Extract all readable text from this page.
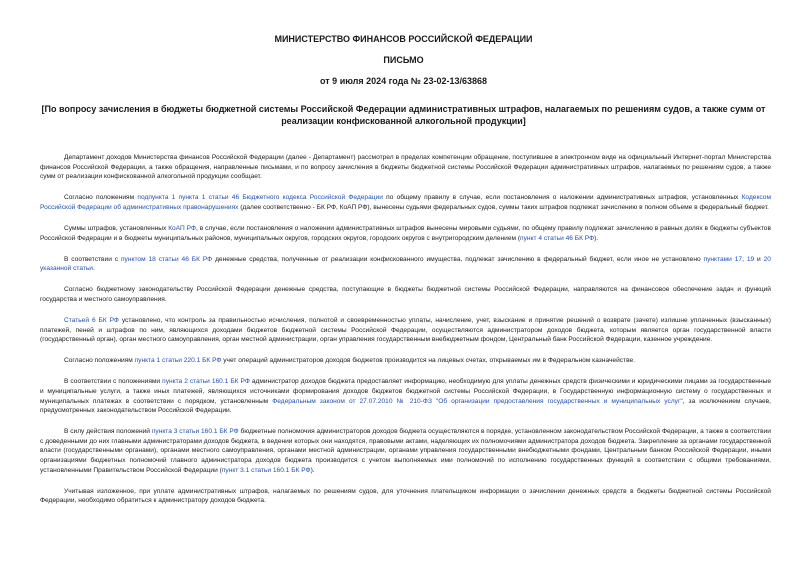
МИНИСТЕРСТВО ФИНАНСОВ РОССИЙСКОЙ ФЕДЕРАЦИИ
ПИСЬМО
от 9 июля 2024 года № 23-02-13/63868
[По вопросу зачисления в бюджеты бюджетной системы Российской Федерации административных штрафов, налагаемых по решениям судов, а также сумм от реализации конфискованной алкогольной продукции]

Департамент доходов Министерства финансов Российской Федерации (далее - Департамент) рассмотрел в пределах компетенции обращение, поступившее в электронном виде на официальный Интернет-портал Министерства финансов Российской Федерации, а также обращения, направленные письмами, и по вопросу зачисления в бюджеты бюджетной системы Российской Федерации административных штрафов, налагаемых по решениям судов, а также сумм от реализации конфискованной алкогольной продукции сообщает.

Согласно положениям подпункта 1 пункта 1 статьи 46 Бюджетного кодекса Российской Федерации по общему правилу в случае, если постановления о наложении административных штрафов, установленных Кодексом Российской Федерации об административных правонарушениях (далее соответственно - БК РФ, КоАП РФ), вынесены судьями федеральных судов, суммы таких штрафов подлежат зачислению в полном объеме в федеральный бюджет.

Суммы штрафов, установленных КоАП РФ, в случае, если постановления о наложении административных штрафов вынесены мировыми судьями, по общему правилу подлежат зачислению в равных долях в бюджеты субъектов Российской Федерации и в бюджеты муниципальных районов, муниципальных округов, городских округов, городских округов с внутригородским делением (пункт 4 статьи 46 БК РФ).

В соответствии с пунктом 18 статьи 46 БК РФ денежные средства, полученные от реализации конфискованного имущества, подлежат зачислению в федеральный бюджет, если иное не установлено пунктами 17, 19 и 20 указанной статьи.

Согласно бюджетному законодательству Российской Федерации денежные средства, поступающие в бюджеты бюджетной системы Российской Федерации, направляются на финансовое обеспечение задач и функций государства и местного самоуправления.

Статьей 6 БК РФ установлено, что контроль за правильностью исчисления, полнотой и своевременностью уплаты, начисление, учет, взыскание и принятие решений о возврате (зачете) излишне уплаченных (взысканных) платежей, пеней и штрафов по ним, являющихся доходами бюджетов бюджетной системы Российской Федерации, осуществляются администратором доходов бюджета, которым является орган государственной власти (государственный орган), орган местного самоуправления, орган местной администрации, орган управления государственным внебюджетным фондом, Центральный банк Российской Федерации, казенное учреждение.

Согласно положениям пункта 1 статьи 220.1 БК РФ учет операций администраторов доходов бюджетов производится на лицевых счетах, открываемых им в Федеральном казначействе.

В соответствии с положениями пункта 2 статьи 160.1 БК РФ администратор доходов бюджета предоставляет информацию, необходимую для уплаты денежных средств физическими и юридическими лицами за государственные и муниципальные услуги, а также иных платежей, являющихся источниками формирования доходов бюджетов бюджетной системы Российской Федерации, в Государственную информационную систему о государственных и муниципальных платежах в соответствии с порядком, установленным Федеральным законом от 27.07.2010 № 210-ФЗ "Об организации предоставления государственных и муниципальных услуг", за исключением случаев, предусмотренных законодательством Российской Федерации.

В силу действия положений пункта 3 статьи 160.1 БК РФ бюджетные полномочия администраторов доходов бюджета осуществляются в порядке, установленном законодательством Российской Федерации, а также в соответствии с доведенными до них главными администраторами доходов бюджета, в ведении которых они находятся, правовыми актами, наделяющих их полномочиями администратора доходов бюджета. Закрепление за органами государственной власти (государственными органами), органами местного самоуправления, органами местной администрации, органами управления государственными внебюджетными фондами, Центральным банком Российской Федерации, иными организациями бюджетных полномочий главного администратора доходов бюджета производится с учетом выполняемых ими полномочий по исполнению государственных функций в соответствии с общими требованиями, установленными Правительством Российской Федерации (пункт 3.1 статьи 160.1 БК РФ).

Учитывая изложенное, при уплате административных штрафов, налагаемых по решениям судов, для уточнения плательщиком информации о зачислении денежных средств в бюджеты бюджетной системы Российской Федерации, необходимо обратиться к администратору доходов бюджета.
